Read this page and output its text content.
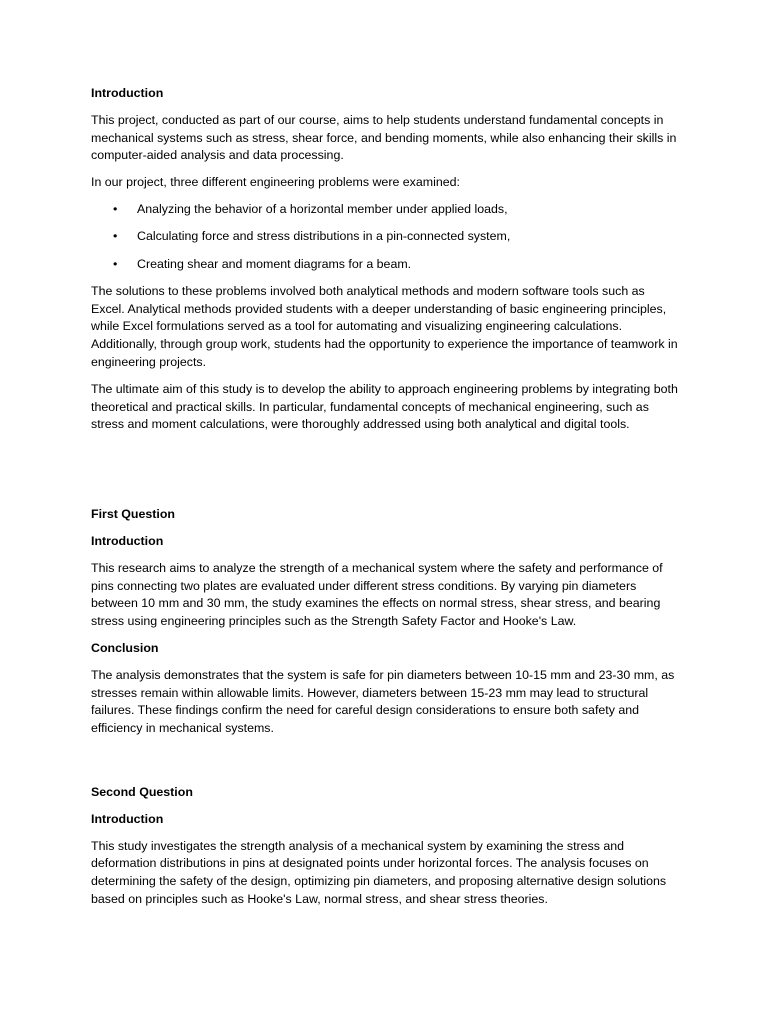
Introduction
This project, conducted as part of our course, aims to help students understand fundamental concepts in mechanical systems such as stress, shear force, and bending moments, while also enhancing their skills in computer-aided analysis and data processing.
In our project, three different engineering problems were examined:
• Analyzing the behavior of a horizontal member under applied loads,
• Calculating force and stress distributions in a pin-connected system,
• Creating shear and moment diagrams for a beam.
The solutions to these problems involved both analytical methods and modern software tools such as Excel. Analytical methods provided students with a deeper understanding of basic engineering principles, while Excel formulations served as a tool for automating and visualizing engineering calculations. Additionally, through group work, students had the opportunity to experience the importance of teamwork in engineering projects.
The ultimate aim of this study is to develop the ability to approach engineering problems by integrating both theoretical and practical skills. In particular, fundamental concepts of mechanical engineering, such as stress and moment calculations, were thoroughly addressed using both analytical and digital tools.
First Question
Introduction
This research aims to analyze the strength of a mechanical system where the safety and performance of pins connecting two plates are evaluated under different stress conditions. By varying pin diameters between 10 mm and 30 mm, the study examines the effects on normal stress, shear stress, and bearing stress using engineering principles such as the Strength Safety Factor and Hooke's Law.
Conclusion
The analysis demonstrates that the system is safe for pin diameters between 10-15 mm and 23-30 mm, as stresses remain within allowable limits. However, diameters between 15-23 mm may lead to structural failures. These findings confirm the need for careful design considerations to ensure both safety and efficiency in mechanical systems.
Second Question
Introduction
This study investigates the strength analysis of a mechanical system by examining the stress and deformation distributions in pins at designated points under horizontal forces. The analysis focuses on determining the safety of the design, optimizing pin diameters, and proposing alternative design solutions based on principles such as Hooke's Law, normal stress, and shear stress theories.
